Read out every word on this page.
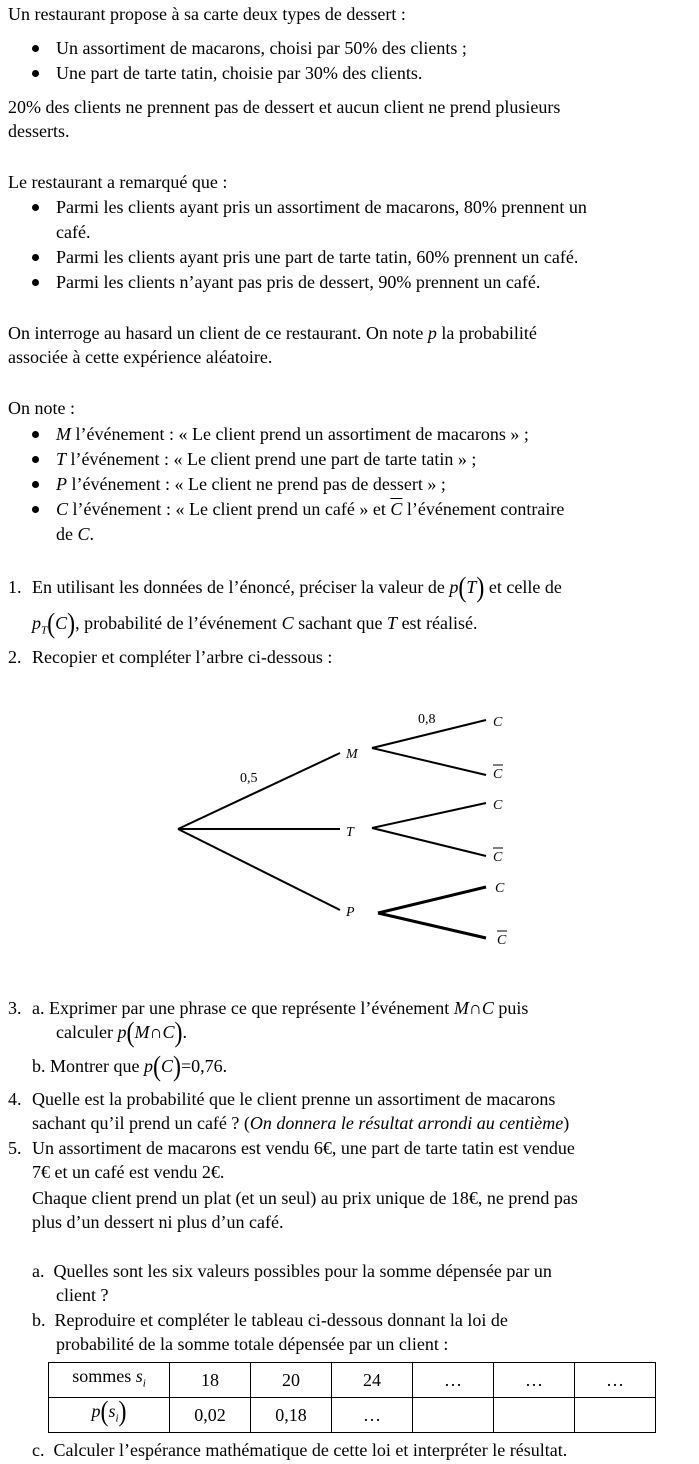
Un restaurant propose à sa carte deux types de dessert :
Un assortiment de macarons, choisi par 50% des clients ;
Une part de tarte tatin, choisie par 30% des clients.
20% des clients ne prennent pas de dessert et aucun client ne prend plusieurs
desserts.
Le restaurant a remarqué que :
Parmi les clients ayant pris un assortiment de macarons, 80% prennent un
café.
Parmi les clients ayant pris une part de tarte tatin, 60% prennent un café.
Parmi les clients n’ayant pas pris de dessert, 90% prennent un café.
On interroge au hasard un client de ce restaurant. On note p la probabilité
associée à cette expérience aléatoire.
On note :
M l’événement : « Le client prend un assortiment de macarons » ;
T l’événement : « Le client prend une part de tarte tatin » ;
P l’événement : « Le client ne prend pas de dessert » ;
C l’événement : « Le client prend un café » et $\overline{C}$ l’événement contraire
de C.
1. En utilisant les données de l’énoncé, préciser la valeur de p(T) et celle de
$p_T(C)$, probabilité de l’événement C sachant que T est réalisé.
2. Recopier et compléter l’arbre ci-dessous :
M
T
P
C
C
C
C
C
C
0,5
0,8
3. a. Exprimer par une phrase ce que représente l’événement M∩C puis
calculer p(M∩C).
b. Montrer que p(C)=0,76.
4. Quelle est la probabilité que le client prenne un assortiment de macarons
sachant qu’il prend un café ? (On donnera le résultat arrondi au centième)
5. Un assortiment de macarons est vendu 6€, une part de tarte tatin est vendue
7€ et un café est vendu 2€.
Chaque client prend un plat (et un seul) au prix unique de 18€, ne prend pas
plus d’un dessert ni plus d’un café.
a. Quelles sont les six valeurs possibles pour la somme dépensée par un
client ?
b. Reproduire et compléter le tableau ci-dessous donnant la loi de
probabilité de la somme totale dépensée par un client :
sommes $s_i$	18	20	24	…	…	…
$p(s_i)$	0,02	0,18	…			
c. Calculer l’espérance mathématique de cette loi et interpréter le résultat.
